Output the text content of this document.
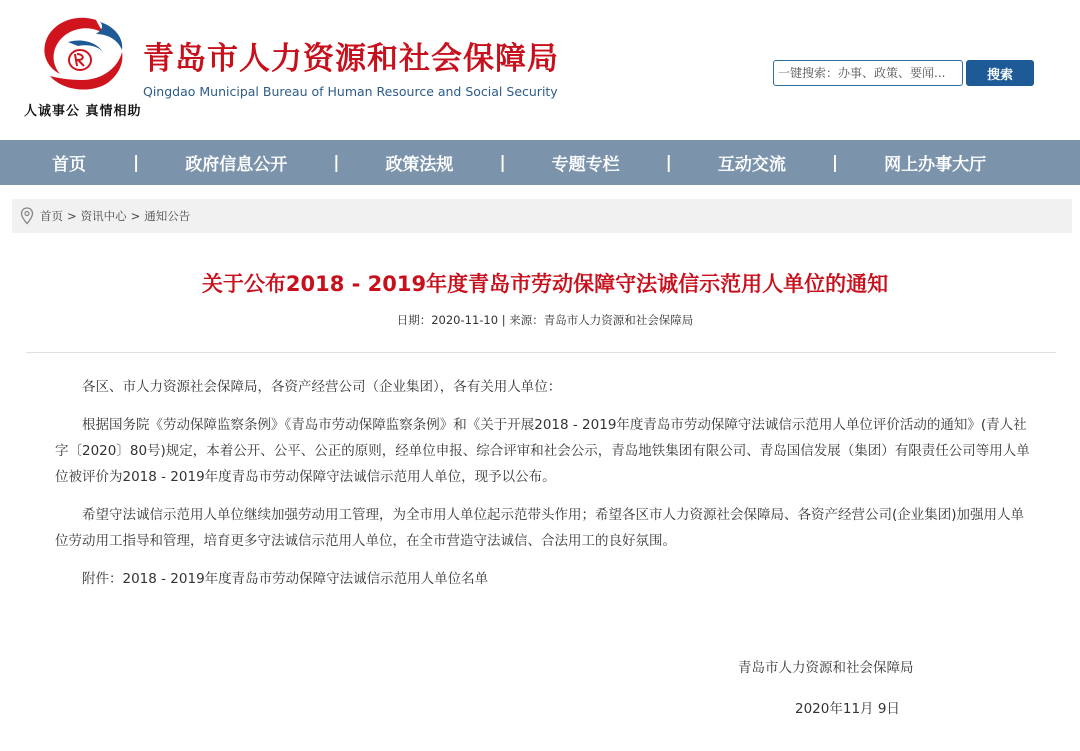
人诚事公 真情相助
青岛市人力资源和社会保障局
Qingdao Municipal Bureau of Human Resource and Social Security
一键搜索：办事、政策、要闻...
搜索
首页	|	政府信息公开	|	政策法规	|	专题专栏	|	互动交流	|	网上办事大厅
首页 > 资讯中心 > 通知公告
关于公布2018 - 2019年度青岛市劳动保障守法诚信示范用人单位的通知
日期：2020-11-10 | 来源：青岛市人力资源和社会保障局

各区、市人力资源社会保障局，各资产经营公司（企业集团），各有关用人单位：

根据国务院《劳动保障监察条例》《青岛市劳动保障监察条例》和《关于开展2018 - 2019年度青岛市劳动保障守法诚信示范用人单位评价活动的通知》(青人社字〔2020〕80号)规定，本着公开、公平、公正的原则，经单位申报、综合评审和社会公示，青岛地铁集团有限公司、青岛国信发展（集团）有限责任公司等用人单位被评价为2018 - 2019年度青岛市劳动保障守法诚信示范用人单位，现予以公布。

希望守法诚信示范用人单位继续加强劳动用工管理，为全市用人单位起示范带头作用；希望各区市人力资源社会保障局、各资产经营公司(企业集团)加强用人单位劳动用工指导和管理，培育更多守法诚信示范用人单位，在全市营造守法诚信、合法用工的良好氛围。

附件：2018 - 2019年度青岛市劳动保障守法诚信示范用人单位名单

青岛市人力资源和社会保障局
2020年11月 9日
